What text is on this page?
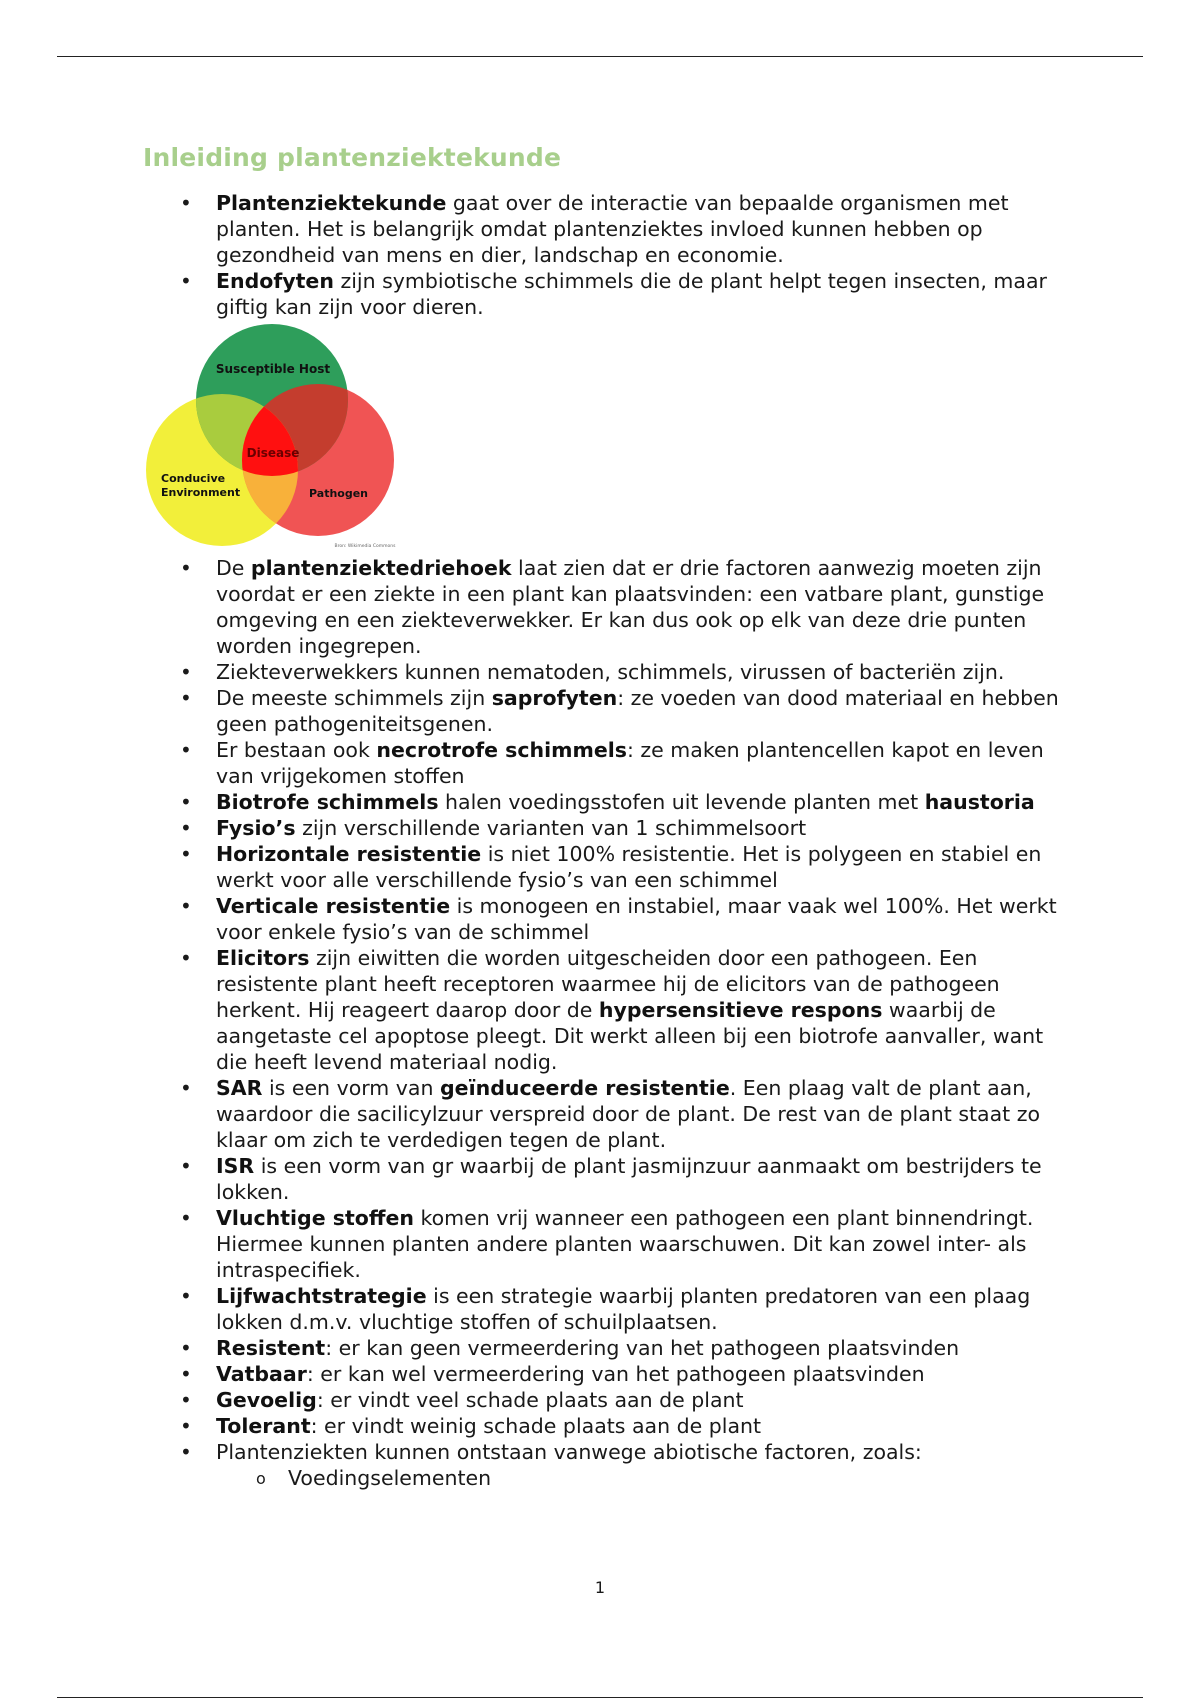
Inleiding plantenziektekunde
• Plantenziektekunde gaat over de interactie van bepaalde organismen met planten. Het is belangrijk omdat plantenziektes invloed kunnen hebben op gezondheid van mens en dier, landschap en economie.
• Endofyten zijn symbiotische schimmels die de plant helpt tegen insecten, maar giftig kan zijn voor dieren.
Susceptible Host
Disease
Conducive
Environment	Pathogen
Bron: Wikimedia Commons
• De plantenziektedriehoek laat zien dat er drie factoren aanwezig moeten zijn voordat er een ziekte in een plant kan plaatsvinden: een vatbare plant, gunstige omgeving en een ziekteverwekker. Er kan dus ook op elk van deze drie punten worden ingegrepen.
• Ziekteverwekkers kunnen nematoden, schimmels, virussen of bacteriën zijn.
• De meeste schimmels zijn saprofyten: ze voeden van dood materiaal en hebben geen pathogeniteitsgenen.
• Er bestaan ook necrotrofe schimmels: ze maken plantencellen kapot en leven van vrijgekomen stoffen
• Biotrofe schimmels halen voedingsstofen uit levende planten met haustoria
• Fysio’s zijn verschillende varianten van 1 schimmelsoort
• Horizontale resistentie is niet 100% resistentie. Het is polygeen en stabiel en werkt voor alle verschillende fysio’s van een schimmel
• Verticale resistentie is monogeen en instabiel, maar vaak wel 100%. Het werkt voor enkele fysio’s van de schimmel
• Elicitors zijn eiwitten die worden uitgescheiden door een pathogeen. Een resistente plant heeft receptoren waarmee hij de elicitors van de pathogeen herkent. Hij reageert daarop door de hypersensitieve respons waarbij de aangetaste cel apoptose pleegt. Dit werkt alleen bij een biotrofe aanvaller, want die heeft levend materiaal nodig.
• SAR is een vorm van geïnduceerde resistentie. Een plaag valt de plant aan, waardoor die sacilicylzuur verspreid door de plant. De rest van de plant staat zo klaar om zich te verdedigen tegen de plant.
• ISR is een vorm van gr waarbij de plant jasmijnzuur aanmaakt om bestrijders te lokken.
• Vluchtige stoffen komen vrij wanneer een pathogeen een plant binnendringt. Hiermee kunnen planten andere planten waarschuwen. Dit kan zowel inter- als intraspecifiek.
• Lijfwachtstrategie is een strategie waarbij planten predatoren van een plaag lokken d.m.v. vluchtige stoffen of schuilplaatsen.
• Resistent: er kan geen vermeerdering van het pathogeen plaatsvinden
• Vatbaar: er kan wel vermeerdering van het pathogeen plaatsvinden
• Gevoelig: er vindt veel schade plaats aan de plant
• Tolerant: er vindt weinig schade plaats aan de plant
• Plantenziekten kunnen ontstaan vanwege abiotische factoren, zoals:
o Voedingselementen
1
